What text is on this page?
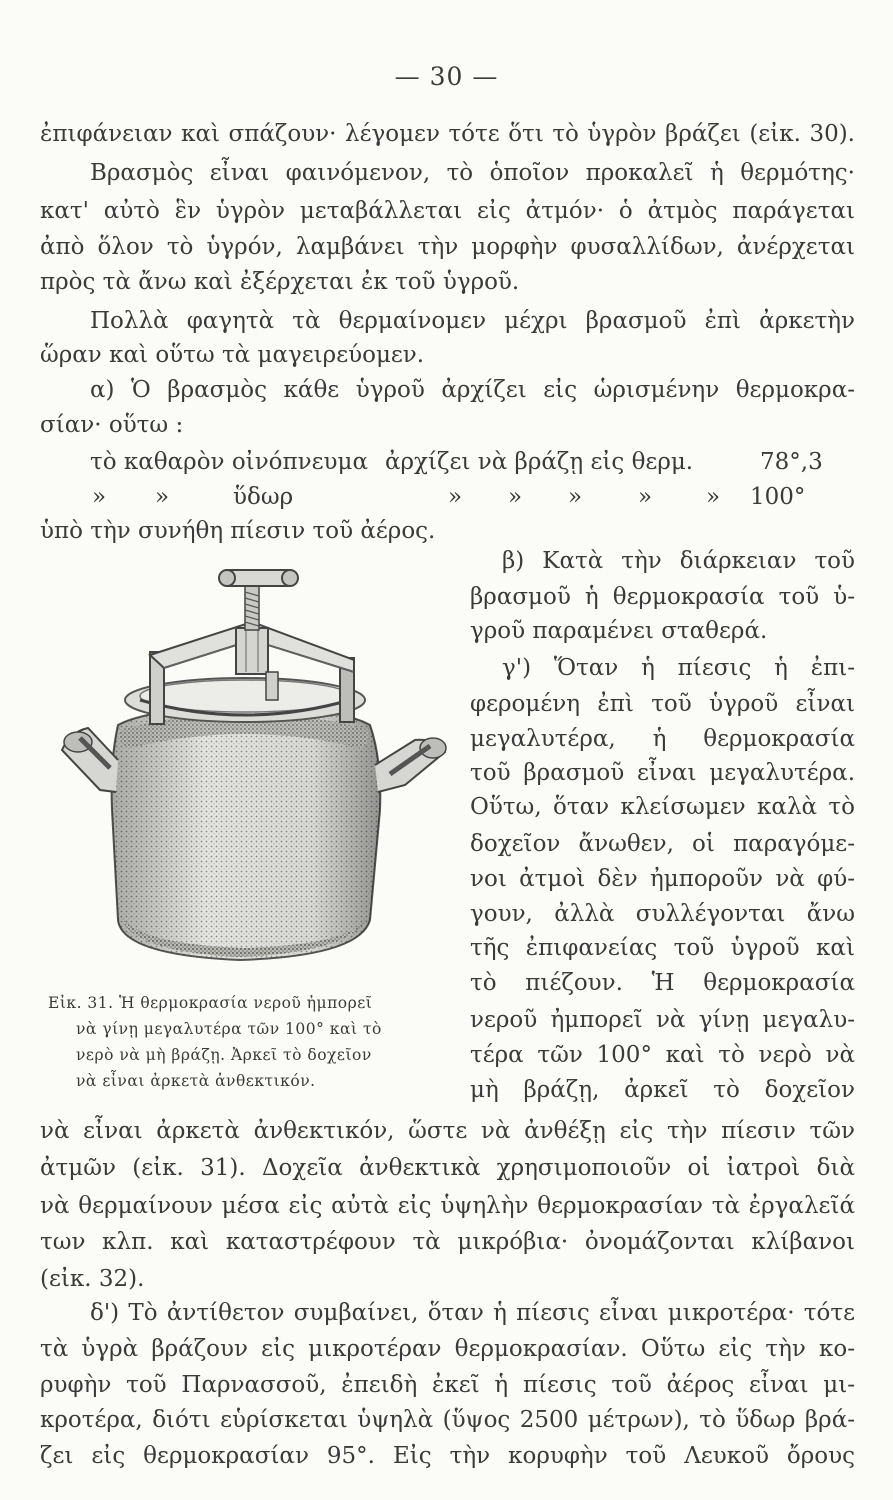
— 30 —
ἐπιφάνειαν καὶ σπάζουν· λέγομεν τότε ὅτι τὸ ὑγρὸν βράζει (εἰκ. 30).
Βρασμὸς εἶναι φαινόμενον, τὸ ὁποῖον προκαλεῖ ἡ θερμότης·
κατ' αὐτὸ ἓν ὑγρὸν μεταβάλλεται εἰς ἀτμόν· ὁ ἀτμὸς παράγεται
ἀπὸ ὅλον τὸ ὑγρόν, λαμβάνει τὴν μορφὴν φυσαλλίδων, ἀνέρχεται
πρὸς τὰ ἄνω καὶ ἐξέρχεται ἐκ τοῦ ὑγροῦ.
Πολλὰ φαγητὰ τὰ θερμαίνομεν μέχρι βρασμοῦ ἐπὶ ἀρκετὴν
ὥραν καὶ οὕτω τὰ μαγειρεύομεν.
α) Ὁ βρασμὸς κάθε ὑγροῦ ἀρχίζει εἰς ὡρισμένην θερμοκρα-
σίαν· οὕτω :
τὸ καθαρὸν οἰνόπνευμα ἀρχίζει νὰ βράζῃ εἰς θερμ.	78°,3
» »	ὕδωρ	» » » » » 100°
ὑπὸ τὴν συνήθη πίεσιν τοῦ ἀέρος.
β) Κατὰ τὴν διάρκειαν τοῦ
βρασμοῦ ἡ θερμοκρασία τοῦ ὑ-
γροῦ παραμένει σταθερά.
γ') Ὅταν ἡ πίεσις ἡ ἐπι-
φερομένη ἐπὶ τοῦ ὑγροῦ εἶναι
μεγαλυτέρα, ἡ θερμοκρασία
τοῦ βρασμοῦ εἶναι μεγαλυτέρα.
Οὕτω, ὅταν κλείσωμεν καλὰ τὸ
δοχεῖον ἄνωθεν, οἱ παραγόμε-
νοι ἀτμοὶ δὲν ἠμποροῦν νὰ φύ-
γουν, ἀλλὰ συλλέγονται ἄνω
τῆς ἐπιφανείας τοῦ ὑγροῦ καὶ
τὸ πιέζουν. Ἡ θερμοκρασία
νεροῦ ἠμπορεῖ νὰ γίνῃ μεγαλυ-
τέρα τῶν 100° καὶ τὸ νερὸ νὰ
μὴ βράζῃ, ἀρκεῖ τὸ δοχεῖον
Εἰκ. 31. Ἡ θερμοκρασία νεροῦ ἠμπορεῖ
νὰ γίνῃ μεγαλυτέρα τῶν 100° καὶ τὸ
νερὸ νὰ μὴ βράζῃ. Ἀρκεῖ τὸ δοχεῖον
νὰ εἶναι ἀρκετὰ ἀνθεκτικόν.
νὰ εἶναι ἀρκετὰ ἀνθεκτικόν, ὥστε νὰ ἀνθέξῃ εἰς τὴν πίεσιν τῶν
ἀτμῶν (εἰκ. 31). Δοχεῖα ἀνθεκτικὰ χρησιμοποιοῦν οἱ ἰατροὶ διὰ
νὰ θερμαίνουν μέσα εἰς αὐτὰ εἰς ὑψηλὴν θερμοκρασίαν τὰ ἐργαλεῖά
των κλπ. καὶ καταστρέφουν τὰ μικρόβια· ὀνομάζονται κλίβανοι
(εἰκ. 32).
δ') Τὸ ἀντίθετον συμβαίνει, ὅταν ἡ πίεσις εἶναι μικροτέρα· τότε
τὰ ὑγρὰ βράζουν εἰς μικροτέραν θερμοκρασίαν. Οὕτω εἰς τὴν κο-
ρυφὴν τοῦ Παρνασσοῦ, ἐπειδὴ ἐκεῖ ἡ πίεσις τοῦ ἀέρος εἶναι μι-
κροτέρα, διότι εὑρίσκεται ὑψηλὰ (ὕψος 2500 μέτρων), τὸ ὕδωρ βρά-
ζει εἰς θερμοκρασίαν 95°. Εἰς τὴν κορυφὴν τοῦ Λευκοῦ ὄρους
